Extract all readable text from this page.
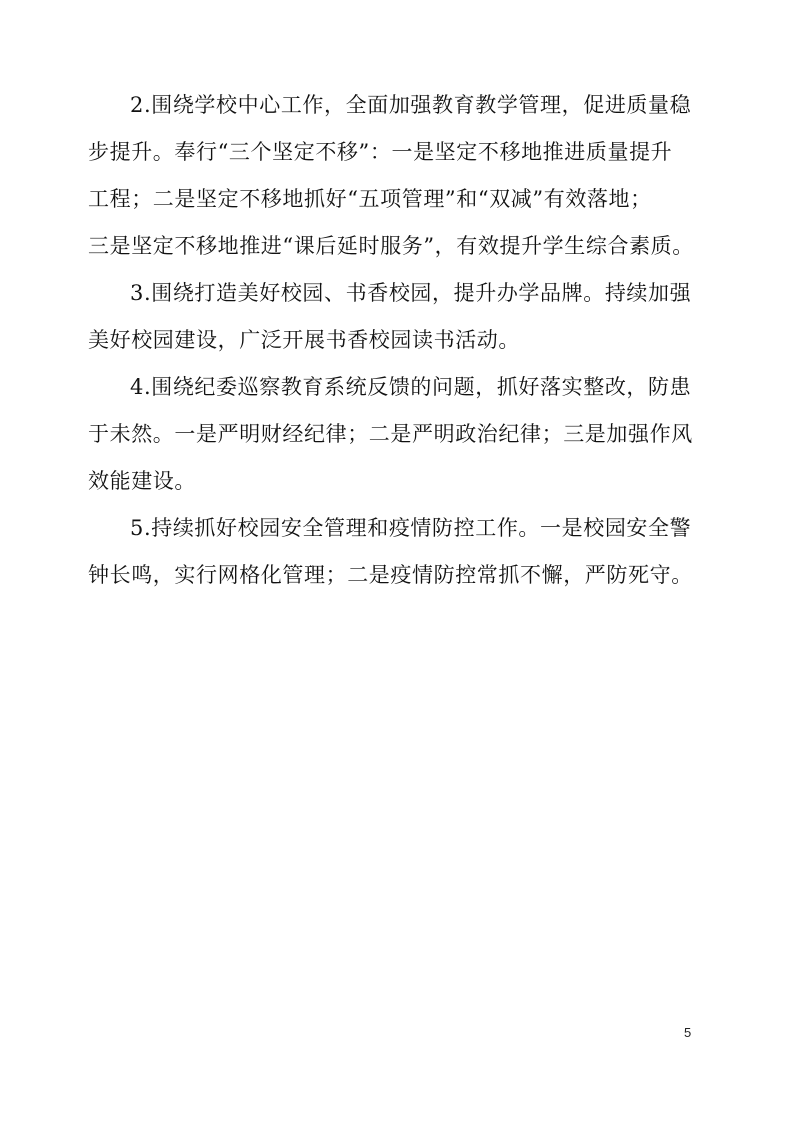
2.围绕学校中心工作，全面加强教育教学管理，促进质量稳
步提升。奉行“三个坚定不移”：一是坚定不移地推进质量提升
工程；二是坚定不移地抓好“五项管理”和“双减”有效落地；
三是坚定不移地推进“课后延时服务”，有效提升学生综合素质。
3.围绕打造美好校园、书香校园，提升办学品牌。持续加强
美好校园建设，广泛开展书香校园读书活动。
4.围绕纪委巡察教育系统反馈的问题，抓好落实整改，防患
于未然。一是严明财经纪律；二是严明政治纪律；三是加强作风
效能建设。
5.持续抓好校园安全管理和疫情防控工作。一是校园安全警
钟长鸣，实行网格化管理；二是疫情防控常抓不懈，严防死守。
5
